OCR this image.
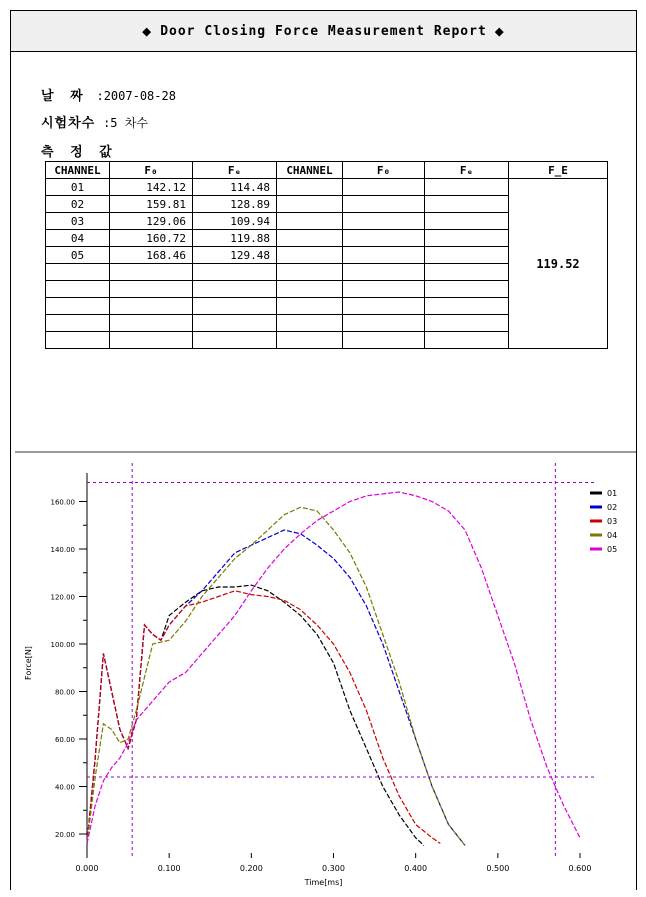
◆ Door Closing Force Measurement Report ◆
날 짜 :2007-08-28
시험차수 :5 차수
측 정 값
CHANNEL	F₀	Fₑ	CHANNEL	F₀	Fₑ	F_E
01	142.12	114.48				119.52
02	159.81	128.89				
03	129.06	109.94				
04	160.72	119.88				
05	168.46	129.48				

0.000	0.100	0.200	0.300	0.400	0.500	0.600
20.00
40.00
60.00
80.00
100.00
120.00
140.00
160.00
Time[ms]
Force[N]
01
02
03
04
05
